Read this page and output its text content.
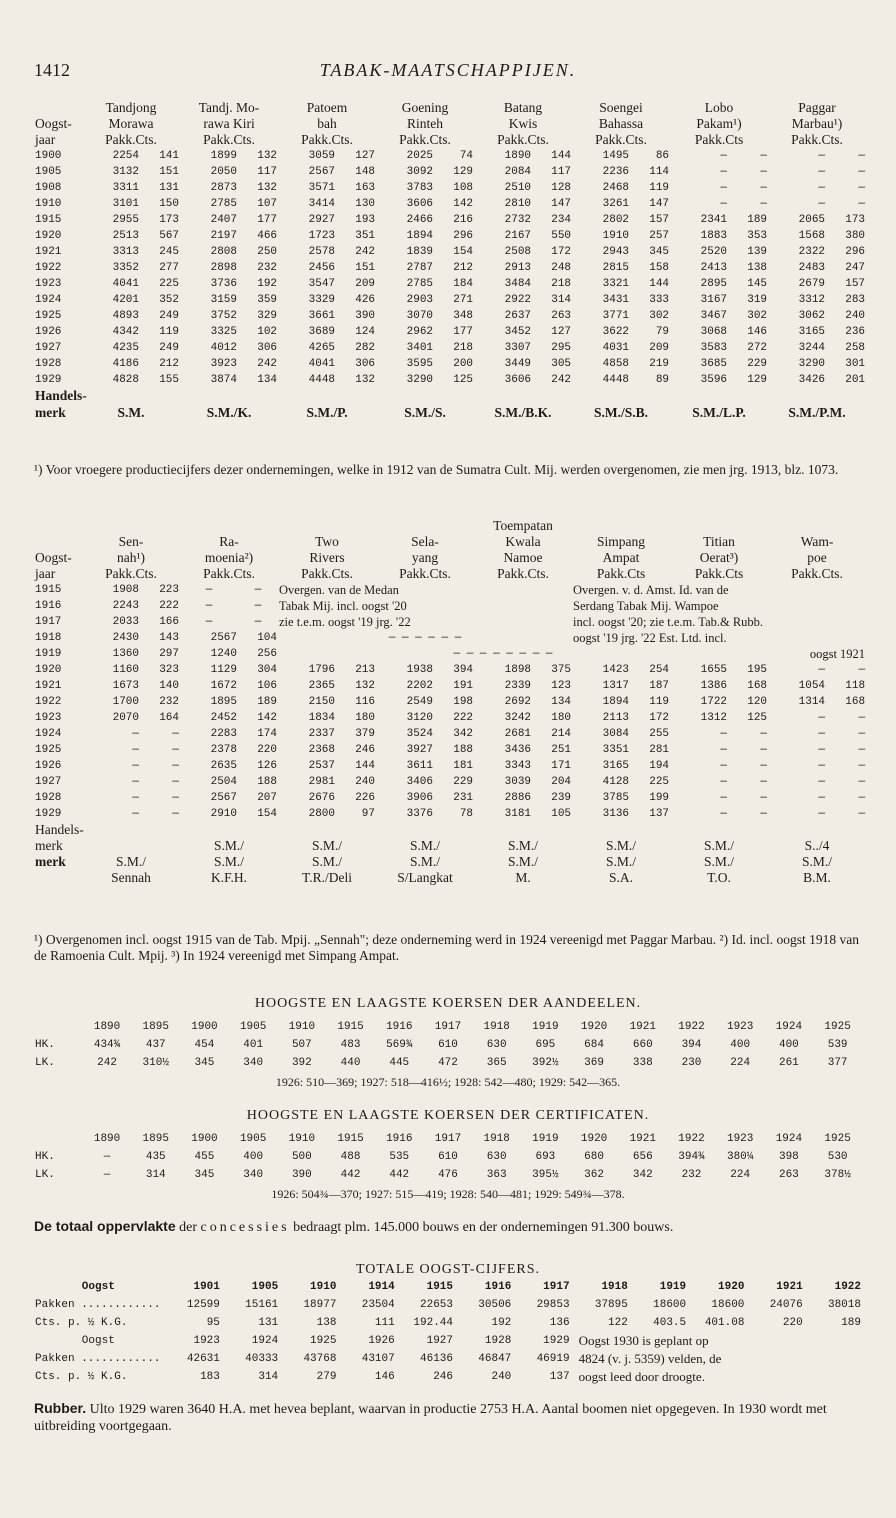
1412	TABAK-MAATSCHAPPIJEN.
	Tandjong		Tandj. Mo-		Patoem		Goening		Batang		Soengei		Lobo		Paggar	
Oogst-	Morawa		rawa Kiri		bah		Rinteh		Kwis		Bahassa		Pakam¹)		Marbau¹)	
jaar	Pakk.Cts.		Pakk.Cts.		Pakk.Cts.		Pakk.Cts.		Pakk.Cts.		Pakk.Cts.		Pakk.Cts		Pakk.Cts.	
1900	2254	141	1899	132	3059	127	2025	74	1890	144	1495	86	—	—	—	—
1905	3132	151	2050	117	2567	148	3092	129	2084	117	2236	114	—	—	—	—
1908	3311	131	2873	132	3571	163	3783	108	2510	128	2468	119	—	—	—	—
1910	3101	150	2785	107	3414	130	3606	142	2810	147	3261	147	—	—	—	—
1915	2955	173	2407	177	2927	193	2466	216	2732	234	2802	157	2341	189	2065	173
1920	2513	567	2197	466	1723	351	1894	296	2167	550	1910	257	1883	353	1568	380
1921	3313	245	2808	250	2578	242	1839	154	2508	172	2943	345	2520	139	2322	296
1922	3352	277	2898	232	2456	151	2787	212	2913	248	2815	158	2413	138	2483	247
1923	4041	225	3736	192	3547	209	2785	184	3484	218	3321	144	2895	145	2679	157
1924	4201	352	3159	359	3329	426	2903	271	2922	314	3431	333	3167	319	3312	283
1925	4893	249	3752	329	3661	390	3070	348	2637	263	3771	302	3467	302	3062	240
1926	4342	119	3325	102	3689	124	2962	177	3452	127	3622	79	3068	146	3165	236
1927	4235	249	4012	306	4265	282	3401	218	3307	295	4031	209	3583	272	3244	258
1928	4186	212	3923	242	4041	306	3595	200	3449	305	4858	219	3685	229	3290	301
1929	4828	155	3874	134	4448	132	3290	125	3606	242	4448	89	3596	129	3426	201
Handels-																
merk	S.M.		S.M./K.		S.M./P.		S.M./S.		S.M./B.K.		S.M./S.B.		S.M./L.P.		S.M./P.M.	
¹) Voor vroegere productiecijfers dezer ondernemingen, welke in 1912 van de Sumatra Cult. Mij. werden overgenomen, zie men jrg. 1913, blz. 1073.
									Toempatan							
	Sen-		Ra-		Two		Sela-		Kwala		Simpang		Titian		Wam-	
Oogst-	nah¹)		moenia²)		Rivers		yang		Namoe		Ampat		Oerat³)		poe	
jaar	Pakk.Cts.		Pakk.Cts.		Pakk.Cts.		Pakk.Cts.		Pakk.Cts.		Pakk.Cts		Pakk.Cts		Pakk.Cts.	
1915	1908	223	—	—	Overgen. van de Medan						Overgen. v. d. Amst. Id. van de					
1916	2243	222	—	—	Tabak Mij. incl. oogst '20						Serdang Tabak Mij. Wampoe					
1917	2033	166	—	—	zie t.e.m. oogst '19 jrg. '22						incl. oogst '20; zie t.e.m. Tab.& Rubb.					
1918	2430	143	2567	104	— — — — — —						oogst '19 jrg. '22 Est. Ltd. incl.					
1919	1360	297	1240	256	— — — — — — — —									oogst 1921		
1920	1160	323	1129	304	1796	213	1938	394	1898	375	1423	254	1655	195	—	—
1921	1673	140	1672	106	2365	132	2202	191	2339	123	1317	187	1386	168	1054	118
1922	1700	232	1895	189	2150	116	2549	198	2692	134	1894	119	1722	120	1314	168
1923	2070	164	2452	142	1834	180	3120	222	3242	180	2113	172	1312	125	—	—
1924	—	—	2283	174	2337	379	3524	342	2681	214	3084	255	—	—	—	—
1925	—	—	2378	220	2368	246	3927	188	3436	251	3351	281	—	—	—	—
1926	—	—	2635	126	2537	144	3611	181	3343	171	3165	194	—	—	—	—
1927	—	—	2504	188	2981	240	3406	229	3039	204	4128	225	—	—	—	—
1928	—	—	2567	207	2676	226	3906	231	2886	239	3785	199	—	—	—	—
1929	—	—	2910	154	2800	97	3376	78	3181	105	3136	137	—	—	—	—
Handels-																
merk			S.M./		S.M./		S.M./		S.M./		S.M./		S.M./		S../4	
merk	S.M./		S.M./		S.M./		S.M./		S.M./		S.M./		S.M./		S.M./	
	Sennah		K.F.H.		T.R./Deli		S/Langkat		M.		S.A.		T.O.		B.M.	
¹) Overgenomen incl. oogst 1915 van de Tab. Mpij. „Sennah"; deze onderneming werd in 1924 vereenigd met Paggar Marbau. ²) Id. incl. oogst 1918 van de Ramoenia Cult. Mpij. ³) In 1924 vereenigd met Simpang Ampat.
HOOGSTE EN LAAGSTE KOERSEN DER AANDEELEN.
	1890	1895	1900	1905	1910	1915	1916	1917	1918	1919	1920	1921	1922	1923	1924	1925
HK.	434¾	437	454	401	507	483	569¾	610	630	695	684	660	394	400	400	539
LK.	242	310½	345	340	392	440	445	472	365	392½	369	338	230	224	261	377
1926: 510—369; 1927: 518—416½; 1928: 542—480; 1929: 542—365.
HOOGSTE EN LAAGSTE KOERSEN DER CERTIFICATEN.
	1890	1895	1900	1905	1910	1915	1916	1917	1918	1919	1920	1921	1922	1923	1924	1925
HK.	—	435	455	400	500	488	535	610	630	693	680	656	394¾	380¼	398	530
LK.	—	314	345	340	390	442	442	476	363	395½	362	342	232	224	263	378½
1926: 504¾—370; 1927: 515—419; 1928: 540—481; 1929: 549¾—378.
De totaal oppervlakte der concessies bedraagt plm. 145.000 bouws en der ondernemingen 91.300 bouws.
TOTALE OOGST-CIJFERS.
Oogst	1901	1905	1910	1914	1915	1916	1917	1918	1919	1920	1921	1922
Pakken ............	12599	15161	18977	23504	22653	30506	29853	37895	18600	18600	24076	38018
Cts. p. ½ K.G.	95	131	138	111	192.44	192	136	122	403.5	401.08	220	189
Oogst	1923	1924	1925	1926	1927	1928	1929	Oogst 1930 is geplant op				
Pakken ............	42631	40333	43768	43107	46136	46847	46919	4824 (v. j. 5359) velden, de				
Cts. p. ½ K.G.	183	314	279	146	246	240	137	oogst leed door droogte.				
Rubber. Ulto 1929 waren 3640 H.A. met hevea beplant, waarvan in productie 2753 H.A. Aantal boomen niet opgegeven. In 1930 wordt met uitbreiding voortgegaan.
